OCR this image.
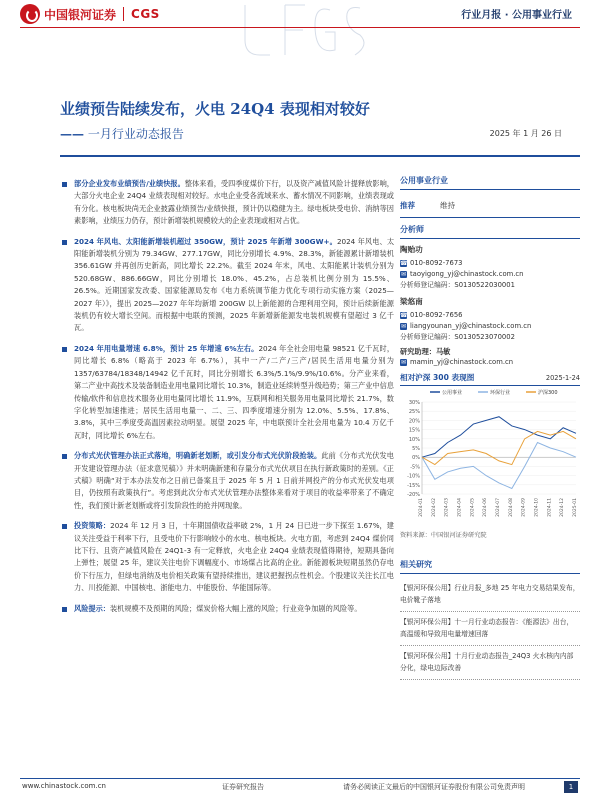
中国银河证券 CGS	行业月报 · 公用事业行业
业绩预告陆续发布，火电 24Q4 表现相对较好
—— 一月行业动态报告	2025 年 1 月 26 日
部分企业发布业绩预告/业绩快报。整体来看，受四季度煤价下行，以及资产减值风险计提释放影响，大部分火电企业 24Q4 业绩表现相对较好。水电企业受各流域来水、蓄水情况不同影响，业绩表现或有分化。核电板块尚无企业披露业绩预告/业绩快报，预计仍以稳健为主。绿电板块受电价、消纳等因素影响，业绩压力仍存，预计新增装机规模较大的企业表现或相对占优。
2024 年风电、太阳能新增装机超过 350GW，预计 2025 年新增 300GW+。2024 年风电、太阳能新增装机分别为 79.34GW、277.17GW，同比分别增长 4.9%、28.3%，新能源累计新增装机 356.61GW 并再创历史新高，同比增长 22.2%。截至 2024 年末，风电、太阳能累计装机分别为 520.68GW、886.66GW，同比分别增长 18.0%、45.2%，占总装机比例分别为 15.5%、26.5%。近期国家发改委、国家能源局发布《电力系统调节能力优化专项行动实施方案（2025—2027 年）》，提出 2025—2027 年年均新增 200GW 以上新能源的合理利用空间，预计后续新能源装机仍有较大增长空间。而根据中电联的预测，2025 年新增新能源发电装机规模有望超过 3 亿千瓦。
2024 年用电量增速 6.8%，预计 25 年增速 6%左右。2024 年全社会用电量 98521 亿千瓦时，同比增长 6.8%（略高于 2023 年 6.7%），其中一产/二产/三产/居民生活用电量分别为 1357/63784/18348/14942 亿千瓦时，同比分别增长 6.3%/5.1%/9.9%/10.6%。分产业来看，第二产业中高技术及装备制造业用电量同比增长 10.3%，制造业延续转型升级趋势；第三产业中信息传输/软件和信息技术服务业用电量同比增长 11.9%，互联网和相关服务用电量同比增长 21.7%，数字化转型加速推进；居民生活用电量一、二、三、四季度增速分别为 12.0%、5.5%、17.8%、3.8%，其中三季度受高温因素拉动明显。展望 2025 年，中电联预计全社会用电量为 10.4 万亿千瓦时，同比增长 6%左右。
分布式光伏管理办法正式落地，明确新老划断，或引发分布式光伏阶段抢装。此前《分布式光伏发电开发建设管理办法（征求意见稿）》并未明确新建和存量分布式光伏项目在执行新政策时的差别。《正式稿》明确“对于本办法发布之日前已备案且于 2025 年 5 月 1 日前并网投产的分布式光伏发电项目，仍按照有政策执行”。考虑到此次分布式光伏管理办法整体来看对于项目的收益率带来了不确定性，我们预计新老划断或将引发阶段性的抢并网现象。
投资策略：2024 年 12 月 3 日，十年期国债收益率破 2%，1 月 24 日已进一步下探至 1.67%，建议关注受益于利率下行，且受电价下行影响较小的水电、核电板块。火电方面，考虑到 24Q4 煤价同比下行、且资产减值风险在 24Q1-3 有一定释放，火电企业 24Q4 业绩表现值得期待，短期具备向上弹性；展望 25 年，建议关注电价下调幅度小、市场煤占比高的企业。新能源板块短期虽然仍存电价下行压力，但绿电消纳及电价相关政策有望持续推出，建议把握拐点性机会。个股建议关注长江电力、川投能源、中国核电、浙能电力、中能股份、华能国际等。
风险提示：装机规模不及预期的风险；煤炭价格大幅上涨的风险；行业竞争加剧的风险等。
公用事业行业
推荐	维持
分析师
陶贻功
☎ 010-8092-7673
✉ taoyigong_yj@chinastock.com.cn
分析师登记编码：S0130522030001
梁悠南
☎ 010-8092-7656
✉ liangyounan_yj@chinastock.com.cn
分析师登记编码：S0130523070002
研究助理：马敏
✉ mamin_yj@chinastock.com.cn
相对沪深 300 表现图	2025-1-24
30%
25%
20%
15%
10%
5%
0%
-5%
-10%
-15%
-20%
2024-01 2024-02 2024-03 2024-04 2024-05 2024-06 2024-07 2024-08 2024-09 2024-10 2024-11 2024-12 2025-01
公用事业	环保行业	沪深300
资料来源：中国银河证券研究院
相关研究
【银河环保公用】行业月报_多地 25 年电力交易结果发布，电价靴子落地
【银河环保公用】十一月行业动态报告：《能源法》出台，高温缓和导致用电量增速回落
【银河环保公用】十月行业动态报告_24Q3 火水核内内部分化，绿电边际改善
www.chinastock.com.cn	证券研究报告	请务必阅读正文最后的中国银河证券股份有限公司免责声明	1
